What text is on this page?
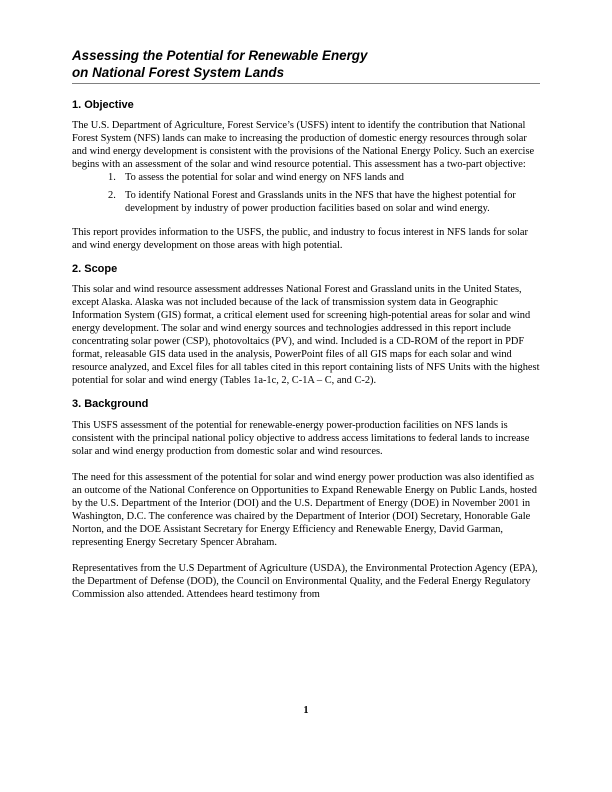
Assessing the Potential for Renewable Energy
on National Forest System Lands
1. Objective

The U.S. Department of Agriculture, Forest Service’s (USFS) intent to identify the contribution that National Forest System (NFS) lands can make to increasing the production of domestic energy resources through solar and wind energy development is consistent with the provisions of the National Energy Policy. Such an exercise begins with an assessment of the solar and wind resource potential. This assessment has a two-part objective:

1. To assess the potential for solar and wind energy on NFS lands and
2. To identify National Forest and Grasslands units in the NFS that have the highest potential for development by industry of power production facilities based on solar and wind energy.

This report provides information to the USFS, the public, and industry to focus interest in NFS lands for solar and wind energy development on those areas with high potential.

2. Scope

This solar and wind resource assessment addresses National Forest and Grassland units in the United States, except Alaska. Alaska was not included because of the lack of transmission system data in Geographic Information System (GIS) format, a critical element used for screening high-potential areas for solar and wind energy development. The solar and wind energy sources and technologies addressed in this report include concentrating solar power (CSP), photovoltaics (PV), and wind. Included is a CD-ROM of the report in PDF format, releasable GIS data used in the analysis, PowerPoint files of all GIS maps for each solar and wind resource analyzed, and Excel files for all tables cited in this report containing lists of NFS Units with the highest potential for solar and wind energy (Tables 1a-1c, 2, C-1A – C, and C-2).

3. Background

This USFS assessment of the potential for renewable-energy power-production facilities on NFS lands is consistent with the principal national policy objective to address access limitations to federal lands to increase solar and wind energy production from domestic solar and wind resources.

The need for this assessment of the potential for solar and wind energy power production was also identified as an outcome of the National Conference on Opportunities to Expand Renewable Energy on Public Lands, hosted by the U.S. Department of the Interior (DOI) and the U.S. Department of Energy (DOE) in November 2001 in Washington, D.C. The conference was chaired by the Department of Interior (DOI) Secretary, Honorable Gale Norton, and the DOE Assistant Secretary for Energy Efficiency and Renewable Energy, David Garman, representing Energy Secretary Spencer Abraham.

Representatives from the U.S Department of Agriculture (USDA), the Environmental Protection Agency (EPA), the Department of Defense (DOD), the Council on Environmental Quality, and the Federal Energy Regulatory Commission also attended. Attendees heard testimony from

1
